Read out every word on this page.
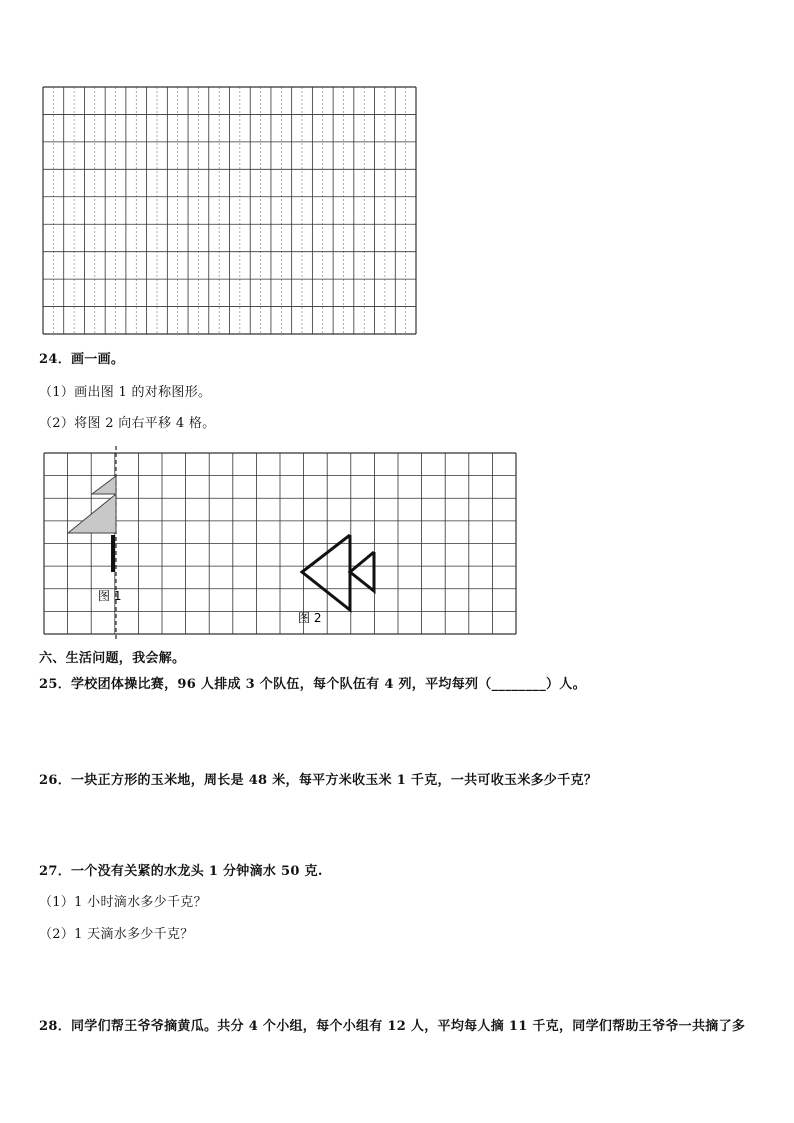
24．画一画。
（1）画出图 1 的对称图形。
（2）将图 2 向右平移 4 格。
图 1
图 2
六、生活问题，我会解。
25．学校团体操比赛，96 人排成 3 个队伍，每个队伍有 4 列，平均每列（________）人。
26．一块正方形的玉米地，周长是 48 米，每平方米收玉米 1 千克，一共可收玉米多少千克？
27．一个没有关紧的水龙头 1 分钟滴水 50 克.
（1）1 小时滴水多少千克？
（2）1 天滴水多少千克？
28．同学们帮王爷爷摘黄瓜。共分 4 个小组，每个小组有 12 人，平均每人摘 11 千克，同学们帮助王爷爷一共摘了多
